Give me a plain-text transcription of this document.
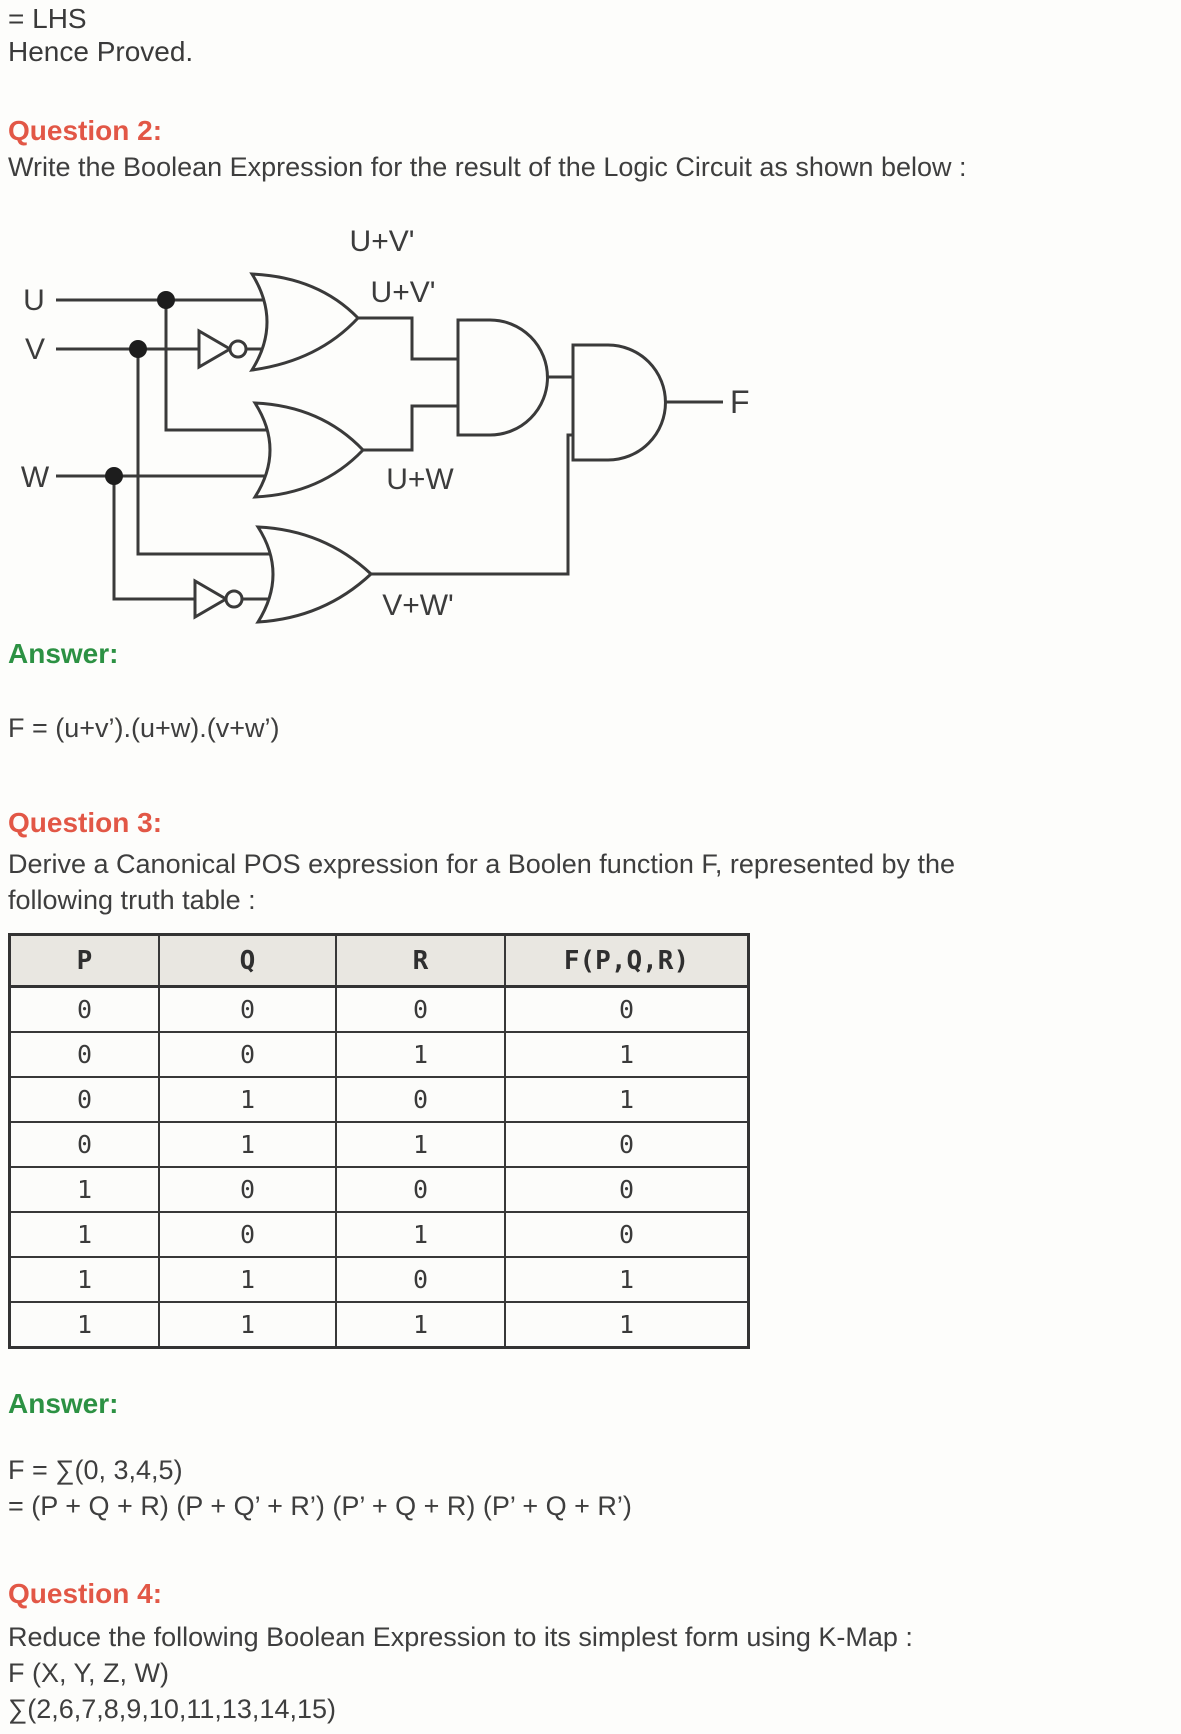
= LHS
Hence Proved.
Question 2:
Write the Boolean Expression for the result of the Logic Circuit as shown below :
U
V
W
U+V'
U+V'
U+W
V+W'
F
Answer:
F = (u+v’).(u+w).(v+w’)
Question 3:
Derive a Canonical POS expression for a Boolen function F, represented by the
following truth table :
P	Q	R	F(P,Q,R)
0	0	0	0
0	0	1	1
0	1	0	1
0	1	1	0
1	0	0	0
1	0	1	0
1	1	0	1
1	1	1	1
Answer:
F = ∑(0, 3,4,5)
= (P + Q + R) (P + Q’ + R’) (P’ + Q + R) (P’ + Q + R’)
Question 4:
Reduce the following Boolean Expression to its simplest form using K-Map :
F (X, Y, Z, W)
∑(2,6,7,8,9,10,11,13,14,15)
